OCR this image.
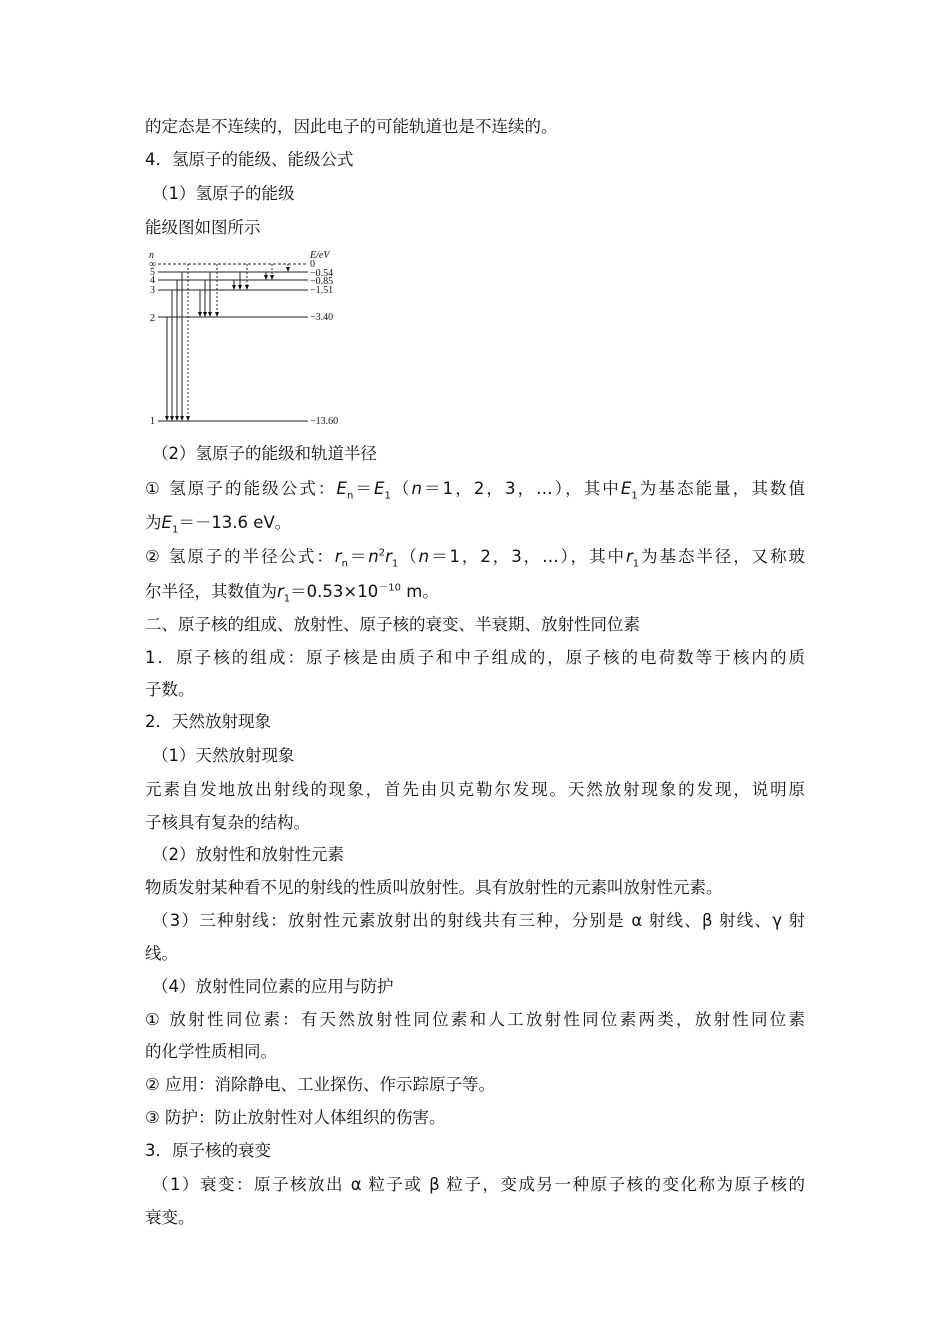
的定态是不连续的，因此电子的可能轨道也是不连续的。
4．氢原子的能级、能级公式
（1）氢原子的能级
能级图如图所示
n	E/eV
∞
5
4
3
2
1
0
−0.54
−0.85
−1.51
−3.40
−13.60
（2）氢原子的能级和轨道半径
① 氢原子的能级公式：$E_n=E_1(n=1$，2，3，…），其中$E_1$为基态能量，其数值
为$E_1=-13.6$ eV。
② 氢原子的半径公式：$r_n=n^2r_1(n=1$，2，3，…），其中$r_1$为基态半径，又称玻
尔半径，其数值为$r_1=0.53\times 10^{-10}$ m。
二、原子核的组成、放射性、原子核的衰变、半衰期、放射性同位素
1．原子核的组成：原子核是由质子和中子组成的，原子核的电荷数等于核内的质
子数。
2．天然放射现象
（1）天然放射现象
元素自发地放出射线的现象，首先由贝克勒尔发现。天然放射现象的发现，说明原
子核具有复杂的结构。
（2）放射性和放射性元素
物质发射某种看不见的射线的性质叫放射性。具有放射性的元素叫放射性元素。
（3）三种射线：放射性元素放射出的射线共有三种，分别是 α 射线、β 射线、γ 射
线。
（4）放射性同位素的应用与防护
① 放射性同位素：有天然放射性同位素和人工放射性同位素两类，放射性同位素
的化学性质相同。
② 应用：消除静电、工业探伤、作示踪原子等。
③ 防护：防止放射性对人体组织的伤害。
3．原子核的衰变
（1）衰变：原子核放出 α 粒子或 β 粒子，变成另一种原子核的变化称为原子核的
衰变。
